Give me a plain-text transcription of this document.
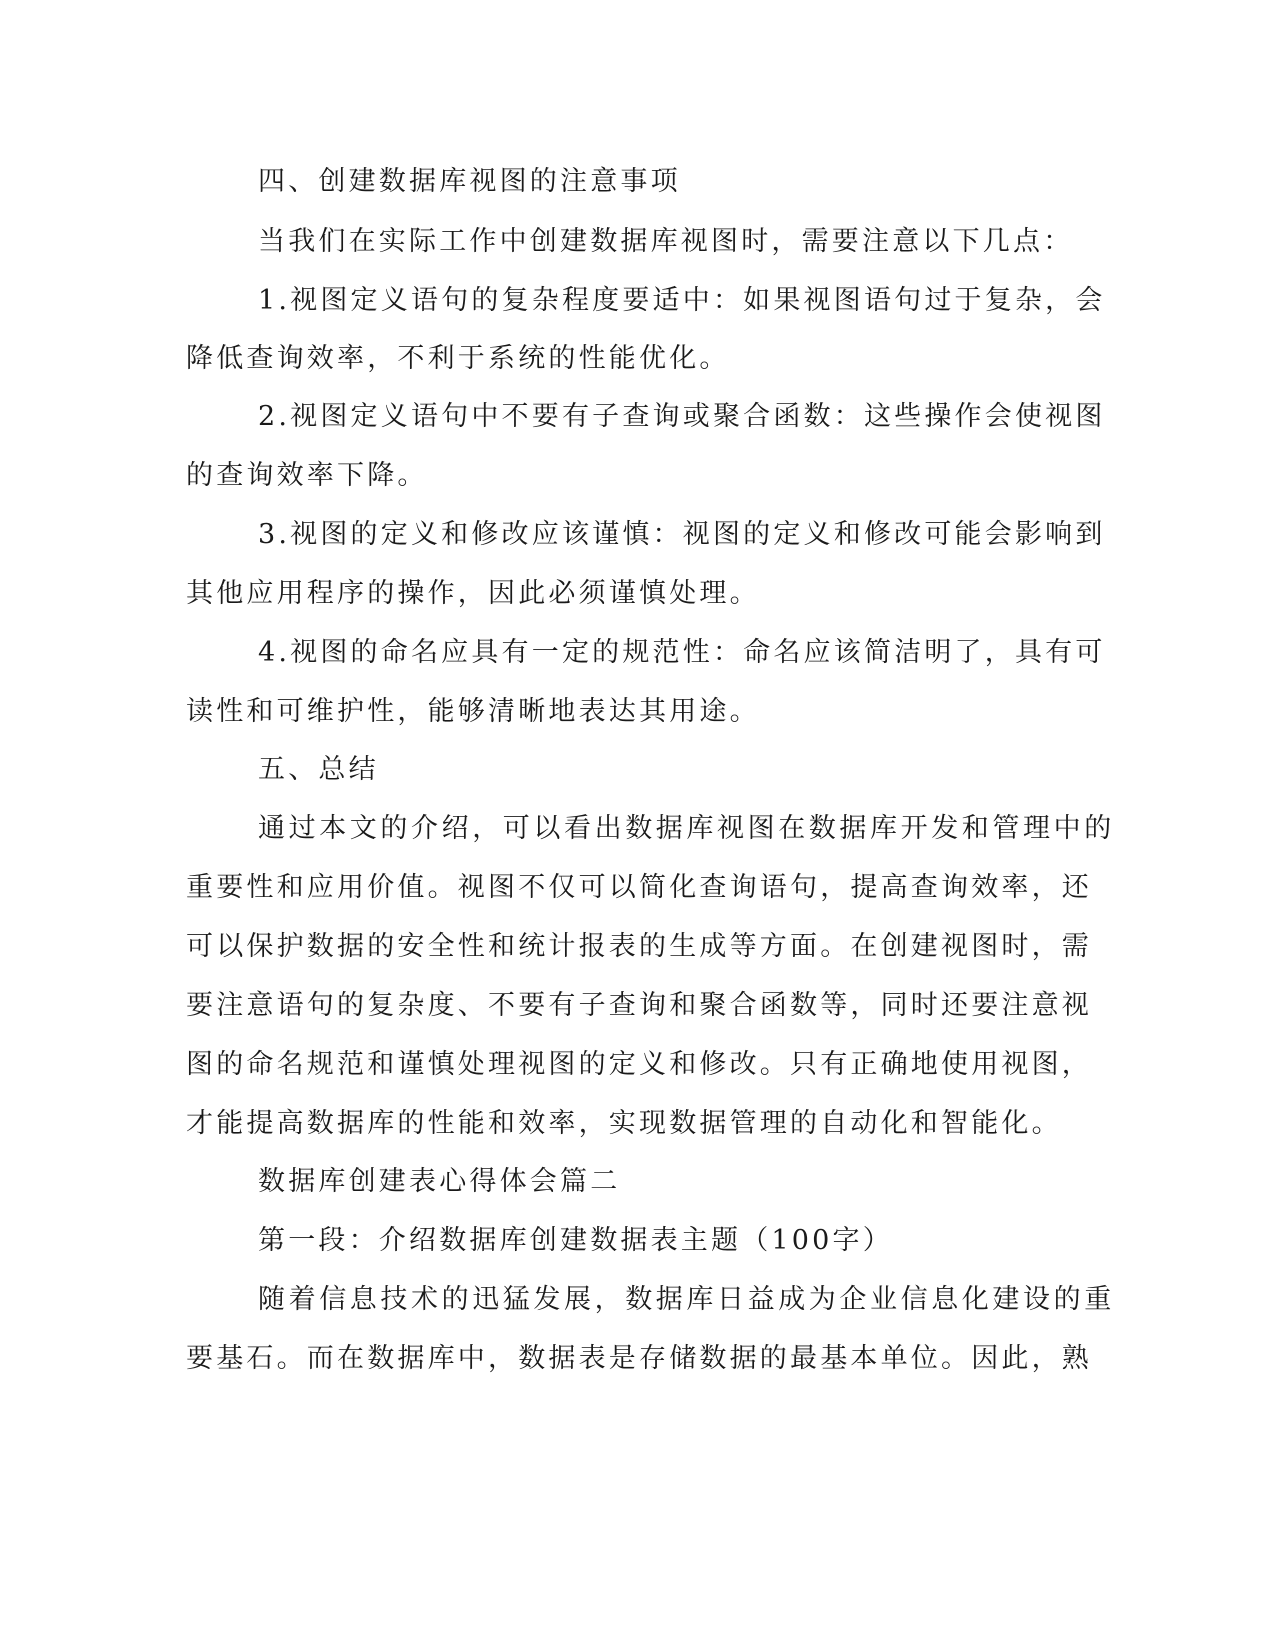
四、创建数据库视图的注意事项
当我们在实际工作中创建数据库视图时，需要注意以下几点：
1.视图定义语句的复杂程度要适中：如果视图语句过于复杂，会
降低查询效率，不利于系统的性能优化。
2.视图定义语句中不要有子查询或聚合函数：这些操作会使视图
的查询效率下降。
3.视图的定义和修改应该谨慎：视图的定义和修改可能会影响到
其他应用程序的操作，因此必须谨慎处理。
4.视图的命名应具有一定的规范性：命名应该简洁明了，具有可
读性和可维护性，能够清晰地表达其用途。
五、总结
通过本文的介绍，可以看出数据库视图在数据库开发和管理中的
重要性和应用价值。视图不仅可以简化查询语句，提高查询效率，还
可以保护数据的安全性和统计报表的生成等方面。在创建视图时，需
要注意语句的复杂度、不要有子查询和聚合函数等，同时还要注意视
图的命名规范和谨慎处理视图的定义和修改。只有正确地使用视图，
才能提高数据库的性能和效率，实现数据管理的自动化和智能化。
数据库创建表心得体会篇二
第一段：介绍数据库创建数据表主题（100字）
随着信息技术的迅猛发展，数据库日益成为企业信息化建设的重
要基石。而在数据库中，数据表是存储数据的最基本单位。因此，熟
